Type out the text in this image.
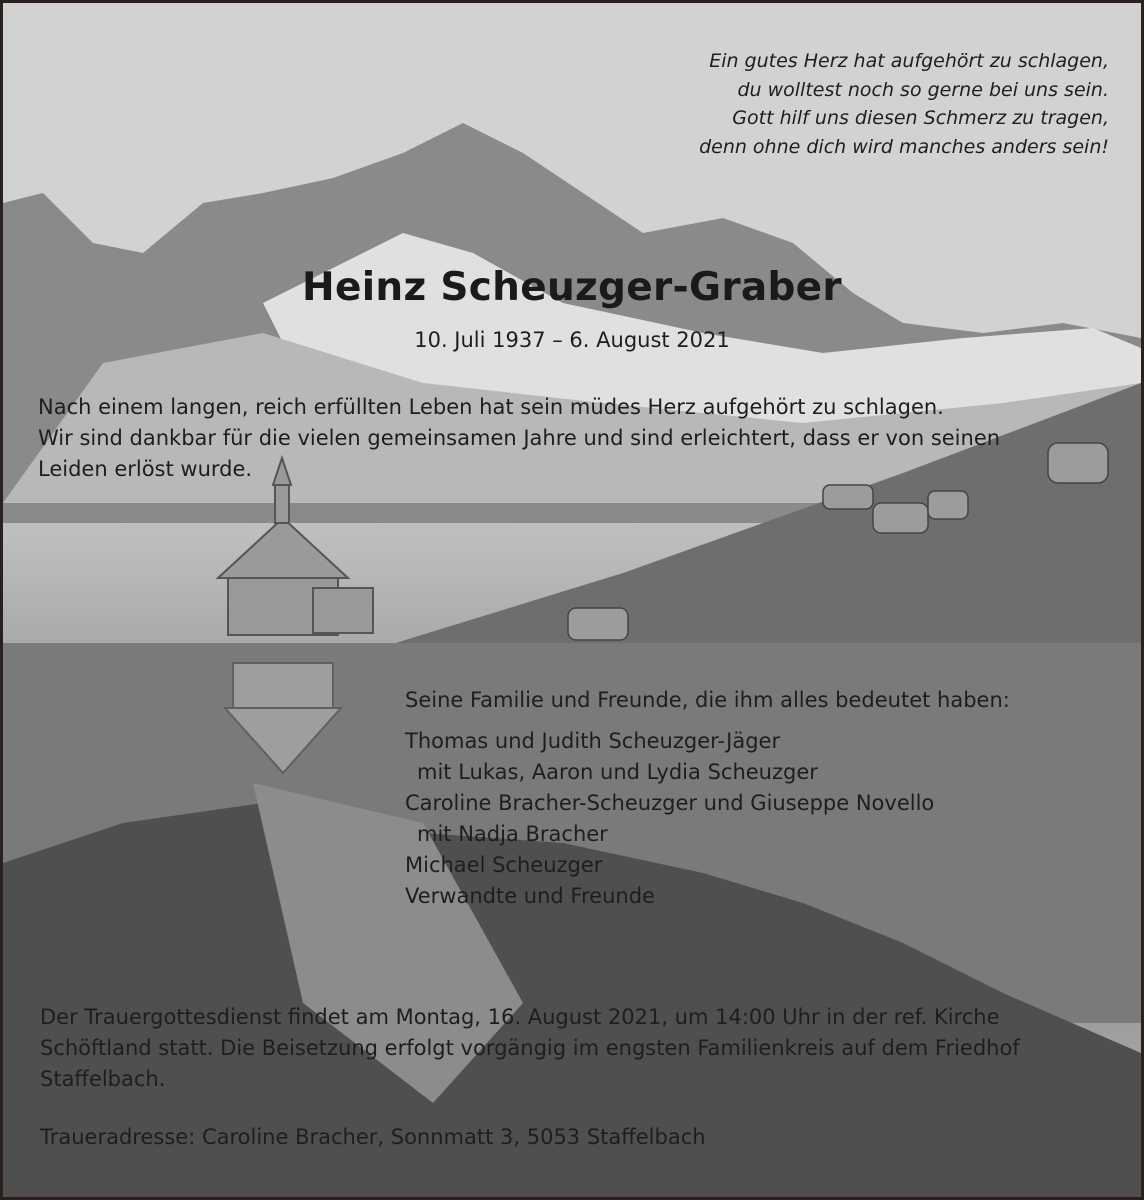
Ein gutes Herz hat aufgehört zu schlagen,
du wolltest noch so gerne bei uns sein.
Gott hilf uns diesen Schmerz zu tragen,
denn ohne dich wird manches anders sein!
Heinz Scheuzger-Graber
10. Juli 1937 – 6. August 2021
Nach einem langen, reich erfüllten Leben hat sein müdes Herz aufgehört zu schlagen.
Wir sind dankbar für die vielen gemeinsamen Jahre und sind erleichtert, dass er von seinen
Leiden erlöst wurde.
Seine Familie und Freunde, die ihm alles bedeutet haben:
Thomas und Judith Scheuzger-Jäger
mit Lukas, Aaron und Lydia Scheuzger
Caroline Bracher-Scheuzger und Giuseppe Novello
mit Nadja Bracher
Michael Scheuzger
Verwandte und Freunde
Der Trauergottesdienst findet am Montag, 16. August 2021, um 14:00 Uhr in der ref. Kirche
Schöftland statt. Die Beisetzung erfolgt vorgängig im engsten Familienkreis auf dem Friedhof
Staffelbach.
Traueradresse: Caroline Bracher, Sonnmatt 3, 5053 Staffelbach
